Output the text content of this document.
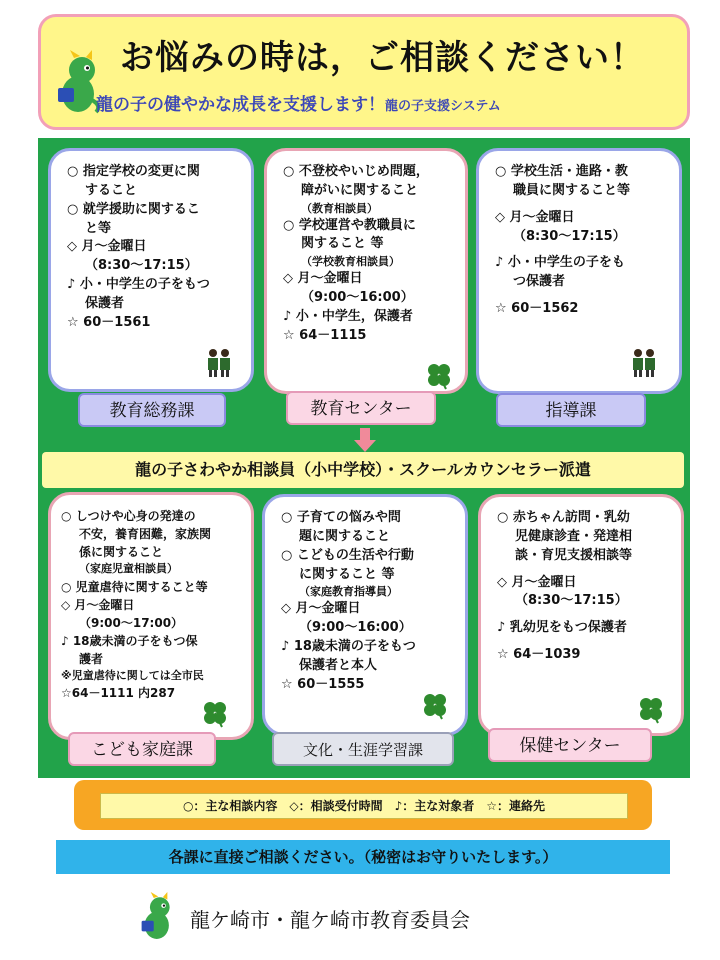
お悩みの時は，ご相談ください！
龍の子の健やかな成長を支援します！龍の子支援システム

○ 指定学校の変更に関

すること

○ 就学援助に関するこ

と等

◇ 月～金曜日

（8:30～17:15）

♪ 小・中学生の子をもつ

保護者

☆ 60－1561

教育総務課

○ 不登校やいじめ問題，

障がいに関すること

（教育相談員）

○ 学校運営や教職員に

関すること 等

（学校教育相談員）

◇ 月～金曜日

（9:00～16:00）

♪ 小・中学生，保護者

☆ 64－1115

教育センター

○ 学校生活・進路・教

職員に関すること等

◇ 月～金曜日

（8:30～17:15）

♪ 小・中学生の子をも

つ保護者

☆ 60－1562

指導課
龍の子さわやか相談員（小中学校）・スクールカウンセラー派遣

○ しつけや心身の発達の

不安，養育困難，家族関

係に関すること

（家庭児童相談員）

○ 児童虐待に関すること等

◇ 月～金曜日

（9:00～17:00）

♪ 18歳未満の子をもつ保

護者

※児童虐待に関しては全市民

☆64－1111 内287

こども家庭課

○ 子育ての悩みや問

題に関すること

○ こどもの生活や行動

に関すること 等

（家庭教育指導員）

◇ 月～金曜日

（9:00～16:00）

♪ 18歳未満の子をもつ

保護者と本人

☆ 60－1555

文化・生涯学習課

○ 赤ちゃん訪問・乳幼

児健康診査・発達相

談・育児支援相談等

◇ 月～金曜日

（8:30～17:15）

♪ 乳幼児をもつ保護者

☆ 64－1039

保健センター
○：主な相談内容　◇：相談受付時間　♪：主な対象者　☆：連絡先
各課に直接ご相談ください。（秘密はお守りいたします。）
龍ケ崎市・龍ケ崎市教育委員会
